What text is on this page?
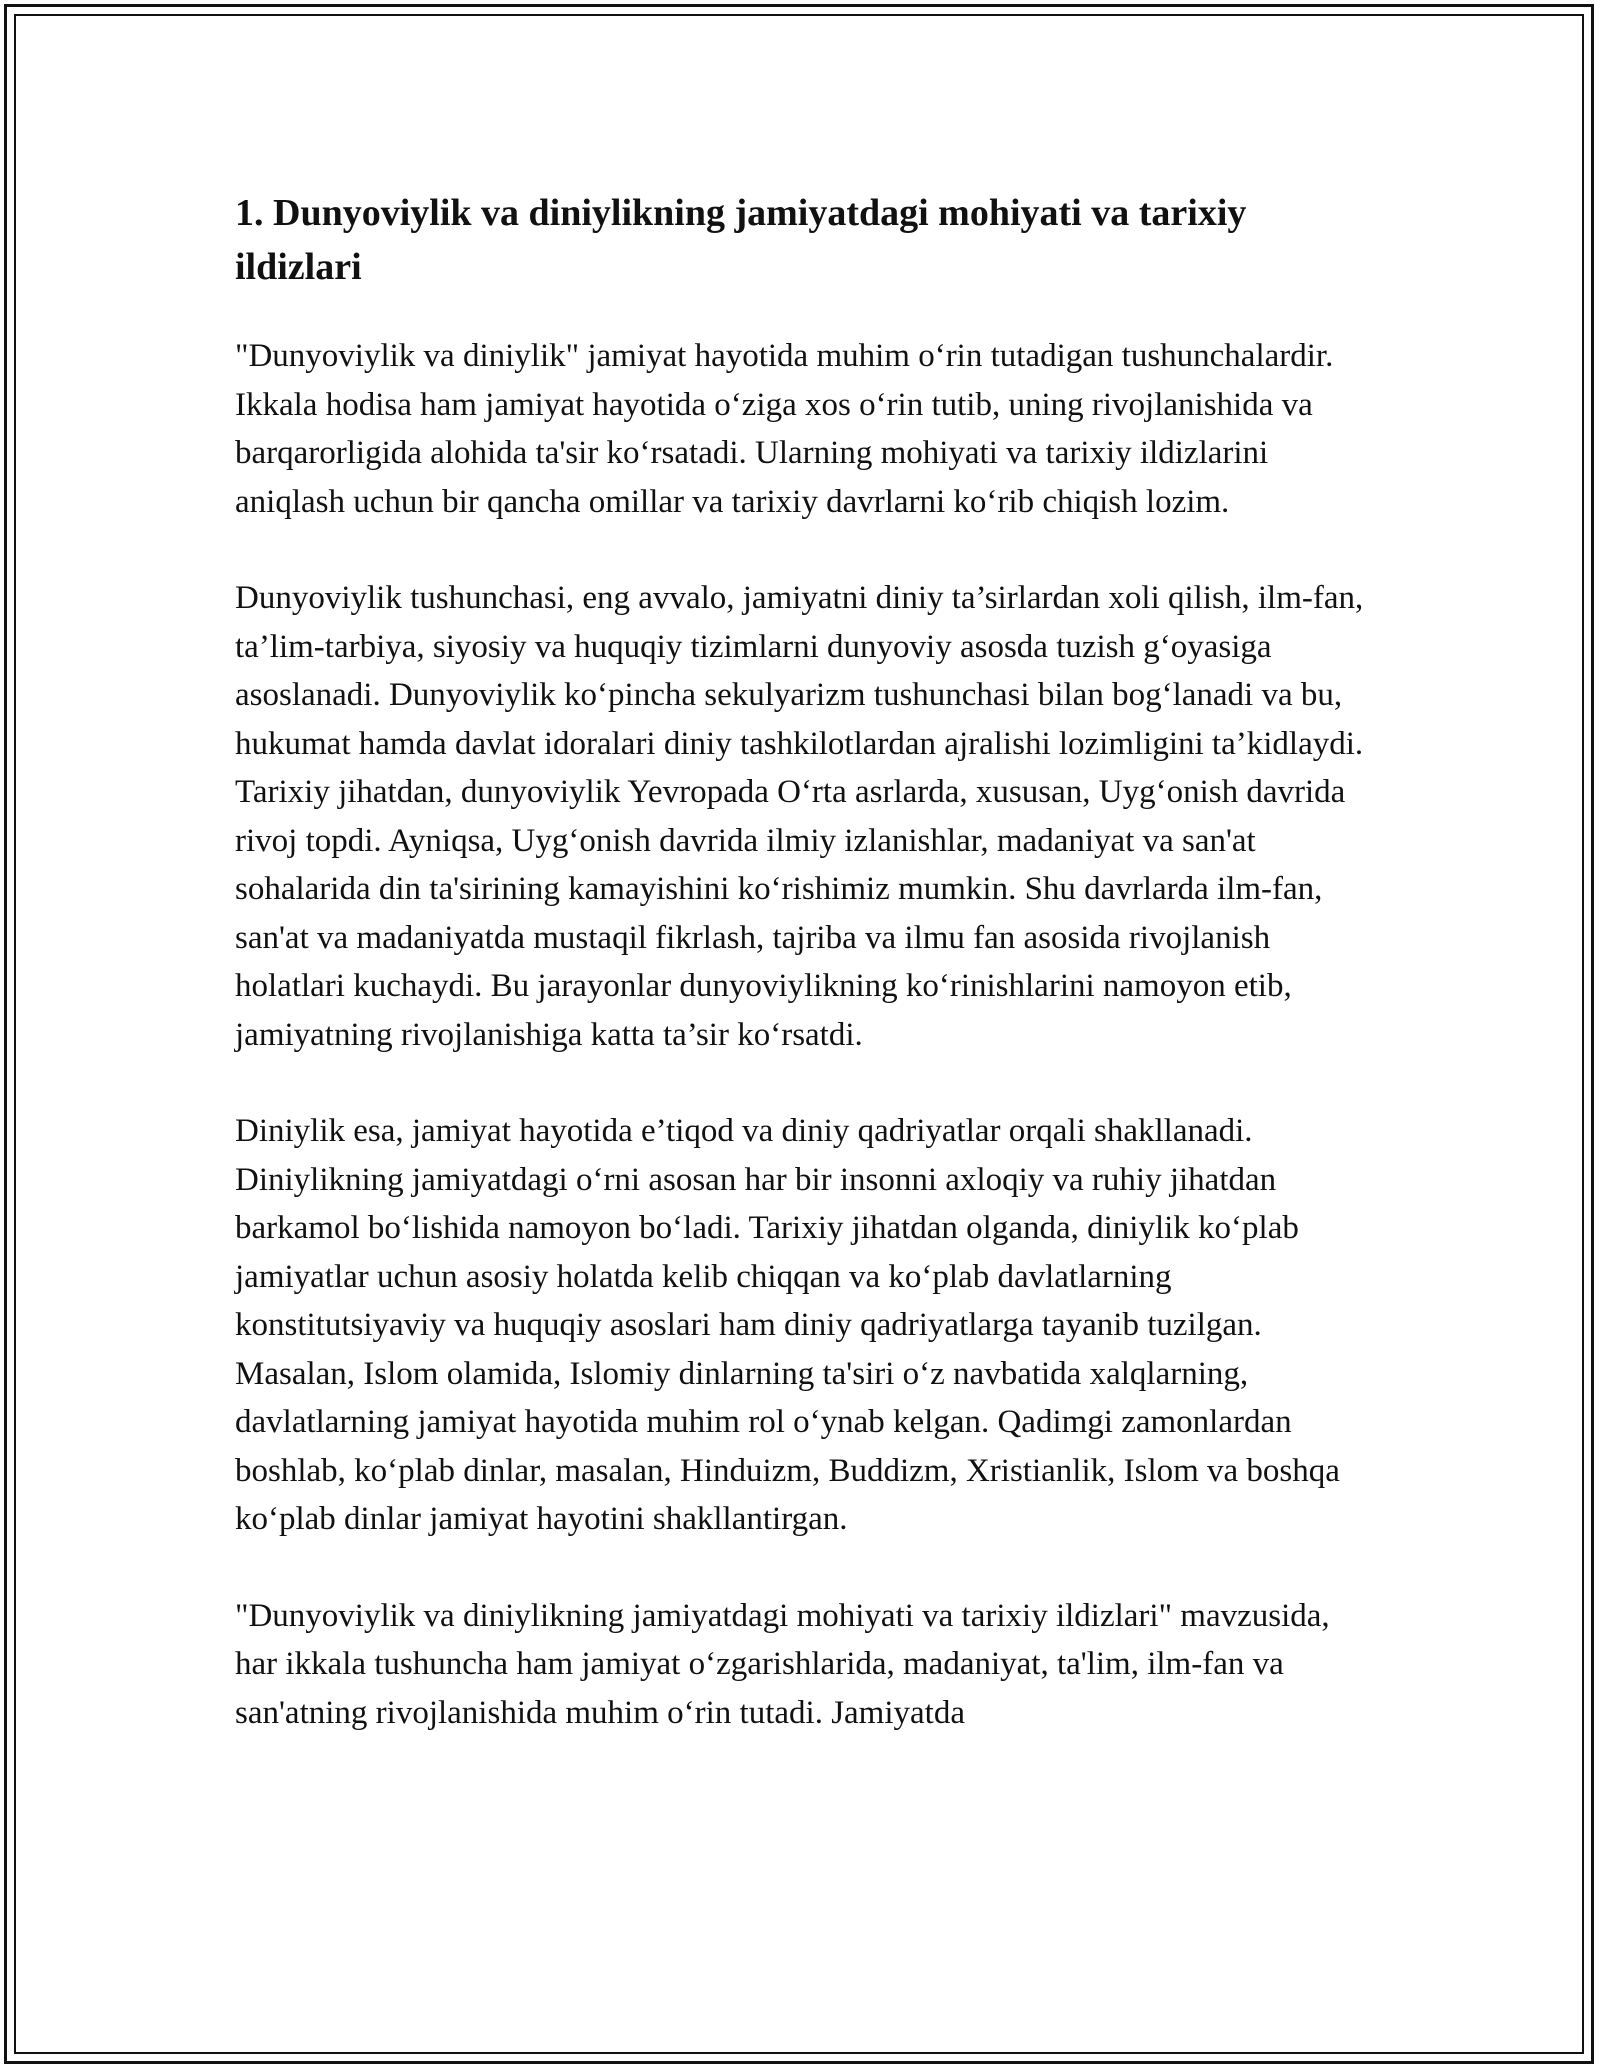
1. Dunyoviylik va diniylikning jamiyatdagi mohiyati va tarixiy ildizlari

"Dunyoviylik va diniylik" jamiyat hayotida muhim o‘rin tutadigan tushunchalardir. Ikkala hodisa ham jamiyat hayotida o‘ziga xos o‘rin tutib, uning rivojlanishida va barqarorligida alohida ta'sir ko‘rsatadi. Ularning mohiyati va tarixiy ildizlarini aniqlash uchun bir qancha omillar va tarixiy davrlarni ko‘rib chiqish lozim.

Dunyoviylik tushunchasi, eng avvalo, jamiyatni diniy ta’sirlardan xoli qilish, ilm-fan, ta’lim-tarbiya, siyosiy va huquqiy tizimlarni dunyoviy asosda tuzish g‘oyasiga asoslanadi. Dunyoviylik ko‘pincha sekulyarizm tushunchasi bilan bog‘lanadi va bu, hukumat hamda davlat idoralari diniy tashkilotlardan ajralishi lozimligini ta’kidlaydi. Tarixiy jihatdan, dunyoviylik Yevropada O‘rta asrlarda, xususan, Uyg‘onish davrida rivoj topdi. Ayniqsa, Uyg‘onish davrida ilmiy izlanishlar, madaniyat va san'at sohalarida din ta'sirining kamayishini ko‘rishimiz mumkin. Shu davrlarda ilm-fan, san'at va madaniyatda mustaqil fikrlash, tajriba va ilmu fan asosida rivojlanish holatlari kuchaydi. Bu jarayonlar dunyoviylikning ko‘rinishlarini namoyon etib, jamiyatning rivojlanishiga katta ta’sir ko‘rsatdi.

Diniylik esa, jamiyat hayotida e’tiqod va diniy qadriyatlar orqali shakllanadi. Diniylikning jamiyatdagi o‘rni asosan har bir insonni axloqiy va ruhiy jihatdan barkamol bo‘lishida namoyon bo‘ladi. Tarixiy jihatdan olganda, diniylik ko‘plab jamiyatlar uchun asosiy holatda kelib chiqqan va ko‘plab davlatlarning konstitutsiyaviy va huquqiy asoslari ham diniy qadriyatlarga tayanib tuzilgan. Masalan, Islom olamida, Islomiy dinlarning ta'siri o‘z navbatida xalqlarning, davlatlarning jamiyat hayotida muhim rol o‘ynab kelgan. Qadimgi zamonlardan boshlab, ko‘plab dinlar, masalan, Hinduizm, Buddizm, Xristianlik, Islom va boshqa ko‘plab dinlar jamiyat hayotini shakllantirgan.

"Dunyoviylik va diniylikning jamiyatdagi mohiyati va tarixiy ildizlari" mavzusida, har ikkala tushuncha ham jamiyat o‘zgarishlarida, madaniyat, ta'lim, ilm-fan va san'atning rivojlanishida muhim o‘rin tutadi. Jamiyatda
